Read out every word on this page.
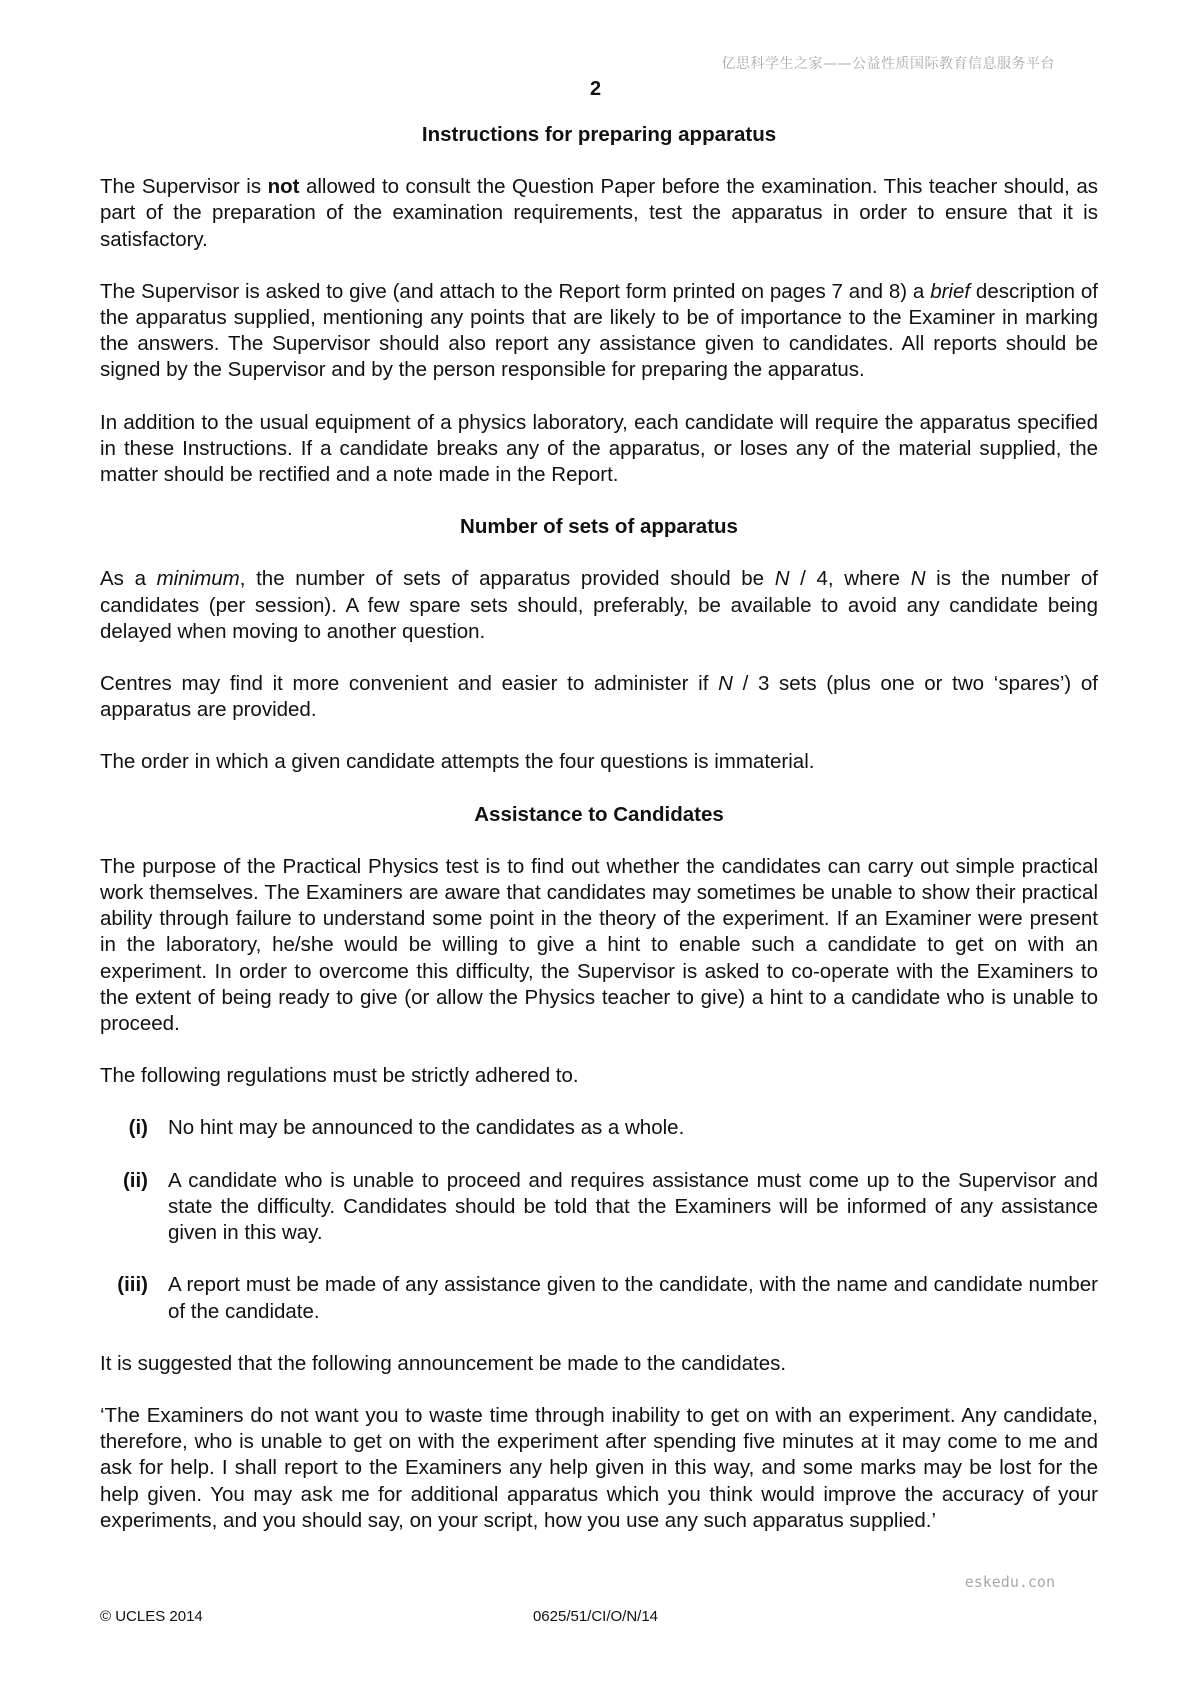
亿思科学生之家——公益性质国际教育信息服务平台
2
Instructions for preparing apparatus

The Supervisor is not allowed to consult the Question Paper before the examination. This teacher should, as part of the preparation of the examination requirements, test the apparatus in order to ensure that it is satisfactory.

The Supervisor is asked to give (and attach to the Report form printed on pages 7 and 8) a brief description of the apparatus supplied, mentioning any points that are likely to be of importance to the Examiner in marking the answers. The Supervisor should also report any assistance given to candidates. All reports should be signed by the Supervisor and by the person responsible for preparing the apparatus.

In addition to the usual equipment of a physics laboratory, each candidate will require the apparatus specified in these Instructions. If a candidate breaks any of the apparatus, or loses any of the material supplied, the matter should be rectified and a note made in the Report.

Number of sets of apparatus

As a minimum, the number of sets of apparatus provided should be N / 4, where N is the number of candidates (per session). A few spare sets should, preferably, be available to avoid any candidate being delayed when moving to another question.

Centres may find it more convenient and easier to administer if N / 3 sets (plus one or two ‘spares’) of apparatus are provided.

The order in which a given candidate attempts the four questions is immaterial.

Assistance to Candidates

The purpose of the Practical Physics test is to find out whether the candidates can carry out simple practical work themselves. The Examiners are aware that candidates may sometimes be unable to show their practical ability through failure to understand some point in the theory of the experiment. If an Examiner were present in the laboratory, he/she would be willing to give a hint to enable such a candidate to get on with an experiment. In order to overcome this difficulty, the Supervisor is asked to co-operate with the Examiners to the extent of being ready to give (or allow the Physics teacher to give) a hint to a candidate who is unable to proceed.

The following regulations must be strictly adhered to.

(i) No hint may be announced to the candidates as a whole.
(ii) A candidate who is unable to proceed and requires assistance must come up to the Supervisor and state the difficulty. Candidates should be told that the Examiners will be informed of any assistance given in this way.
(iii) A report must be made of any assistance given to the candidate, with the name and candidate number of the candidate.

It is suggested that the following announcement be made to the candidates.

‘The Examiners do not want you to waste time through inability to get on with an experiment. Any candidate, therefore, who is unable to get on with the experiment after spending five minutes at it may come to me and ask for help. I shall report to the Examiners any help given in this way, and some marks may be lost for the help given. You may ask me for additional apparatus which you think would improve the accuracy of your experiments, and you should say, on your script, how you use any such apparatus supplied.’

eskedu.con
© UCLES 2014	0625/51/CI/O/N/14
